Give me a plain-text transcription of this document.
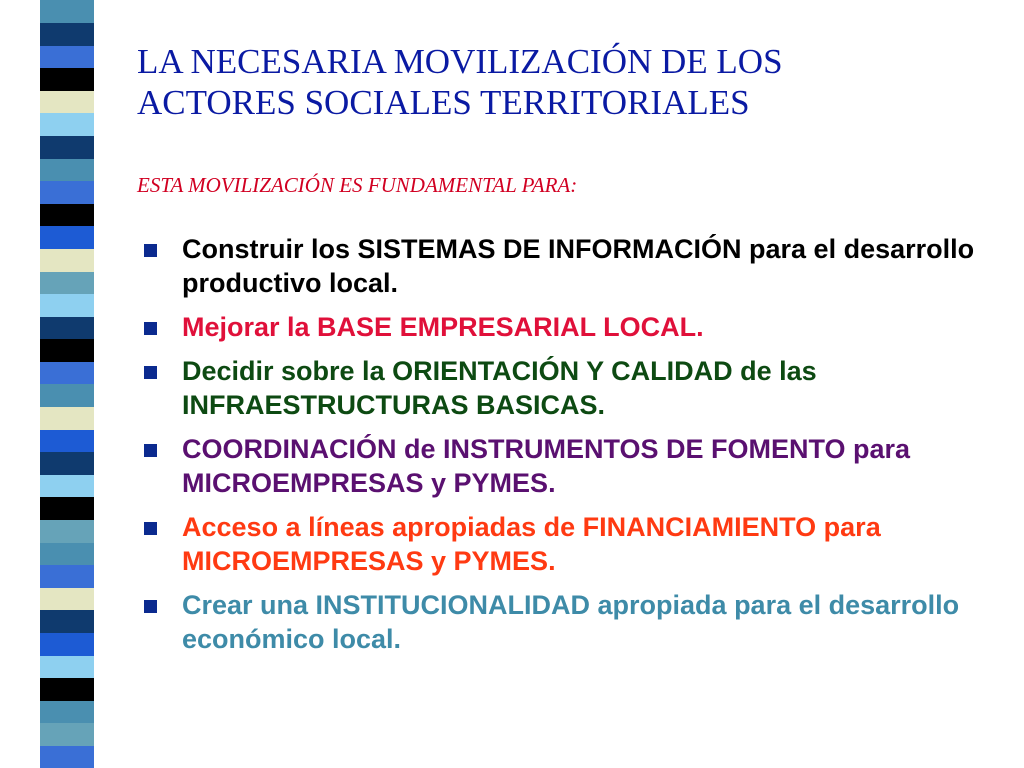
LA NECESARIA MOVILIZACIÓN DE LOS
ACTORES SOCIALES TERRITORIALES
ESTA MOVILIZACIÓN ES FUNDAMENTAL PARA:
Construir los SISTEMAS DE INFORMACIÓN para el desarrollo productivo local.
Mejorar la BASE EMPRESARIAL LOCAL.
Decidir sobre la ORIENTACIÓN Y CALIDAD de las INFRAESTRUCTURAS BASICAS.
COORDINACIÓN de INSTRUMENTOS DE FOMENTO para MICROEMPRESAS y PYMES.
Acceso a líneas apropiadas de FINANCIAMIENTO para MICROEMPRESAS y PYMES.
Crear una INSTITUCIONALIDAD apropiada para el desarrollo económico local.
